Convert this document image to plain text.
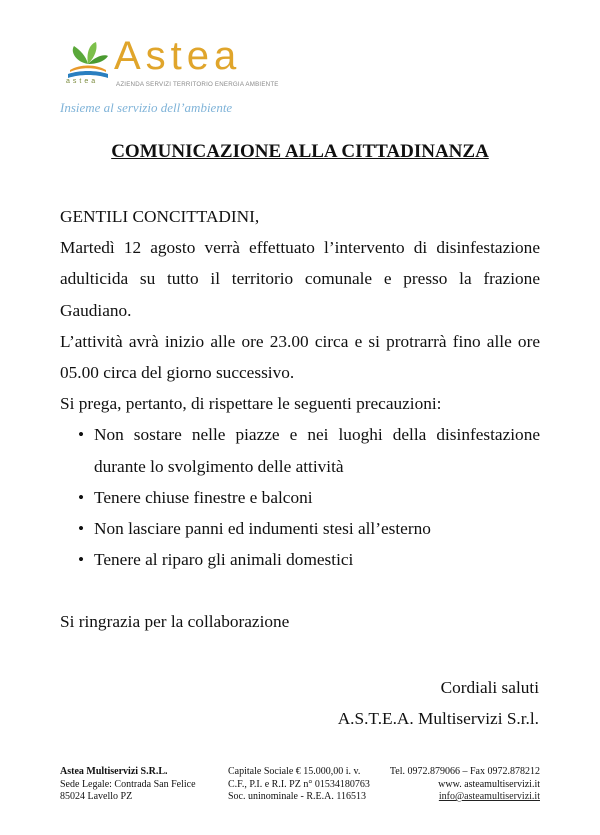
astea
Astea
AZIENDA SERVIZI TERRITORIO ENERGIA AMBIENTE
Insieme al servizio dell’ambiente
COMUNICAZIONE ALLA CITTADINANZA

GENTILI CONCITTADINI,

Martedì 12 agosto verrà effettuato l’intervento di disinfestazione adulticida su tutto il territorio comunale e presso la frazione Gaudiano.

L’attività avrà inizio alle ore 23.00 circa e si protrarrà fino alle ore 05.00 circa del giorno successivo.

Si prega, pertanto, di rispettare le seguenti precauzioni:

• Non sostare nelle piazze e nei luoghi della disinfestazione durante lo svolgimento delle attività
• Tenere chiuse finestre e balconi
• Non lasciare panni ed indumenti stesi all’esterno
• Tenere al riparo gli animali domestici

Si ringrazia per la collaborazione

Cordiali saluti
A.S.T.E.A. Multiservizi S.r.l.
Astea Multiservizi S.R.L.
Sede Legale: Contrada San Felice
85024 Lavello PZ
Capitale Sociale € 15.000,00 i. v.
C.F., P.I. e R.I. PZ n° 01534180763
Soc. uninominale - R.E.A. 116513
Tel. 0972.879066 – Fax 0972.878212
www. asteamultiservizi.it
info@asteamultiservizi.it
